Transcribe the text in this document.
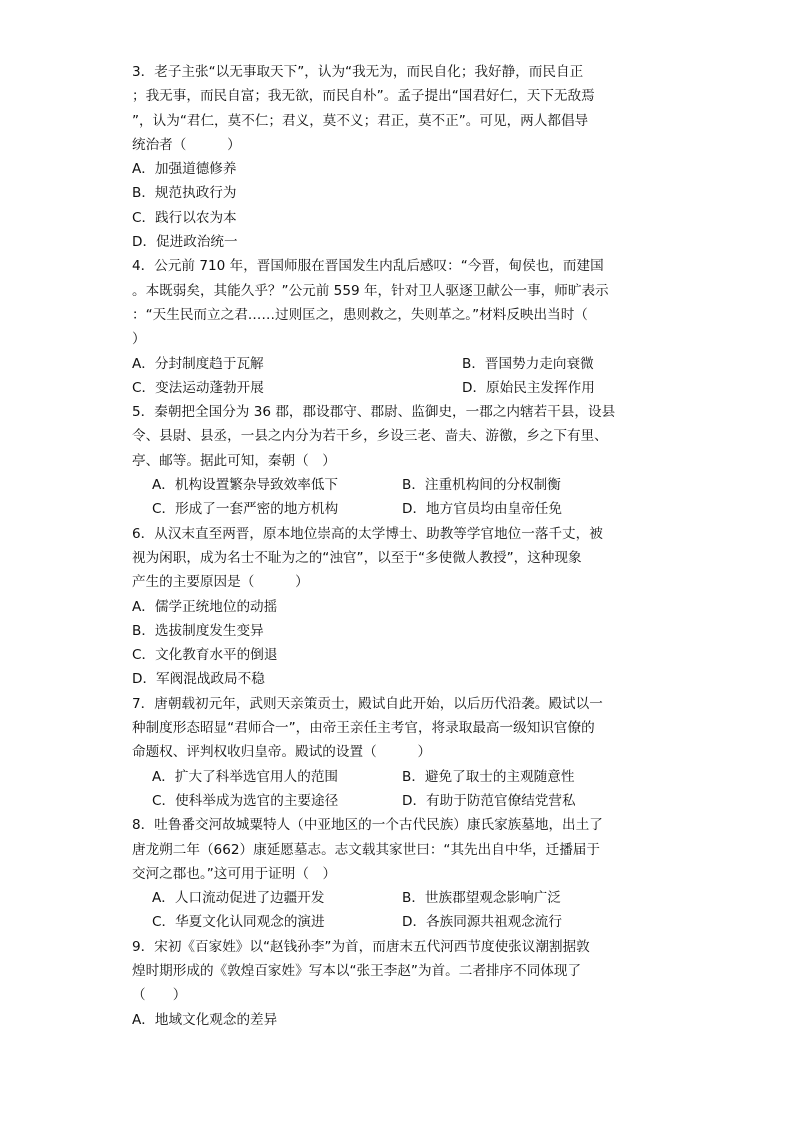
3．老子主张“以无事取天下”，认为“我无为，而民自化；我好静，而民自正
；我无事，而民自富；我无欲，而民自朴”。孟子提出“国君好仁，天下无敌焉
”，认为“君仁，莫不仁；君义，莫不义；君正，莫不正”。可见，两人都倡导
统治者（　　　）
A．加强道德修养
B．规范执政行为
C．践行以农为本
D．促进政治统一
4．公元前 710 年，晋国师服在晋国发生内乱后感叹：“今晋，甸侯也，而建国
。本既弱矣，其能久乎？”公元前 559 年，针对卫人驱逐卫献公一事，师旷表示
：“天生民而立之君……过则匡之，患则救之，失则革之。”材料反映出当时（
）
A．分封制度趋于瓦解	B．晋国势力走向衰微
C．变法运动蓬勃开展	D．原始民主发挥作用
5．秦朝把全国分为 36 郡，郡设郡守、郡尉、监御史，一郡之内辖若干县，设县
令、县尉、县丞，一县之内分为若干乡，乡设三老、啬夫、游徼，乡之下有里、
亭、邮等。据此可知，秦朝（　）
A．机构设置繁杂导致效率低下	B．注重机构间的分权制衡
C．形成了一套严密的地方机构	D．地方官员均由皇帝任免
6．从汉末直至两晋，原本地位崇高的太学博士、助教等学官地位一落千丈，被
视为闲职，成为名士不耻为之的“浊官”，以至于“多使微人教授”，这种现象
产生的主要原因是（　　　）
A．儒学正统地位的动摇
B．选拔制度发生变异
C．文化教育水平的倒退
D．军阀混战政局不稳
7．唐朝载初元年，武则天亲策贡士，殿试自此开始，以后历代沿袭。殿试以一
种制度形态昭显“君师合一”，由帝王亲任主考官，将录取最高一级知识官僚的
命题权、评判权收归皇帝。殿试的设置（　　　）
A．扩大了科举选官用人的范围	B．避免了取士的主观随意性
C．使科举成为选官的主要途径	D．有助于防范官僚结党营私
8．吐鲁番交河故城粟特人（中亚地区的一个古代民族）康氏家族墓地，出土了
唐龙朔二年（662）康延愿墓志。志文载其家世曰：“其先出自中华，迁播届于
交河之郡也。”这可用于证明（　）
A．人口流动促进了边疆开发	B．世族郡望观念影响广泛
C．华夏文化认同观念的演进	D．各族同源共祖观念流行
9．宋初《百家姓》以“赵钱孙李”为首，而唐末五代河西节度使张议潮割据敦
煌时期形成的《敦煌百家姓》写本以“张王李赵”为首。二者排序不同体现了
（　　）
A．地域文化观念的差异
